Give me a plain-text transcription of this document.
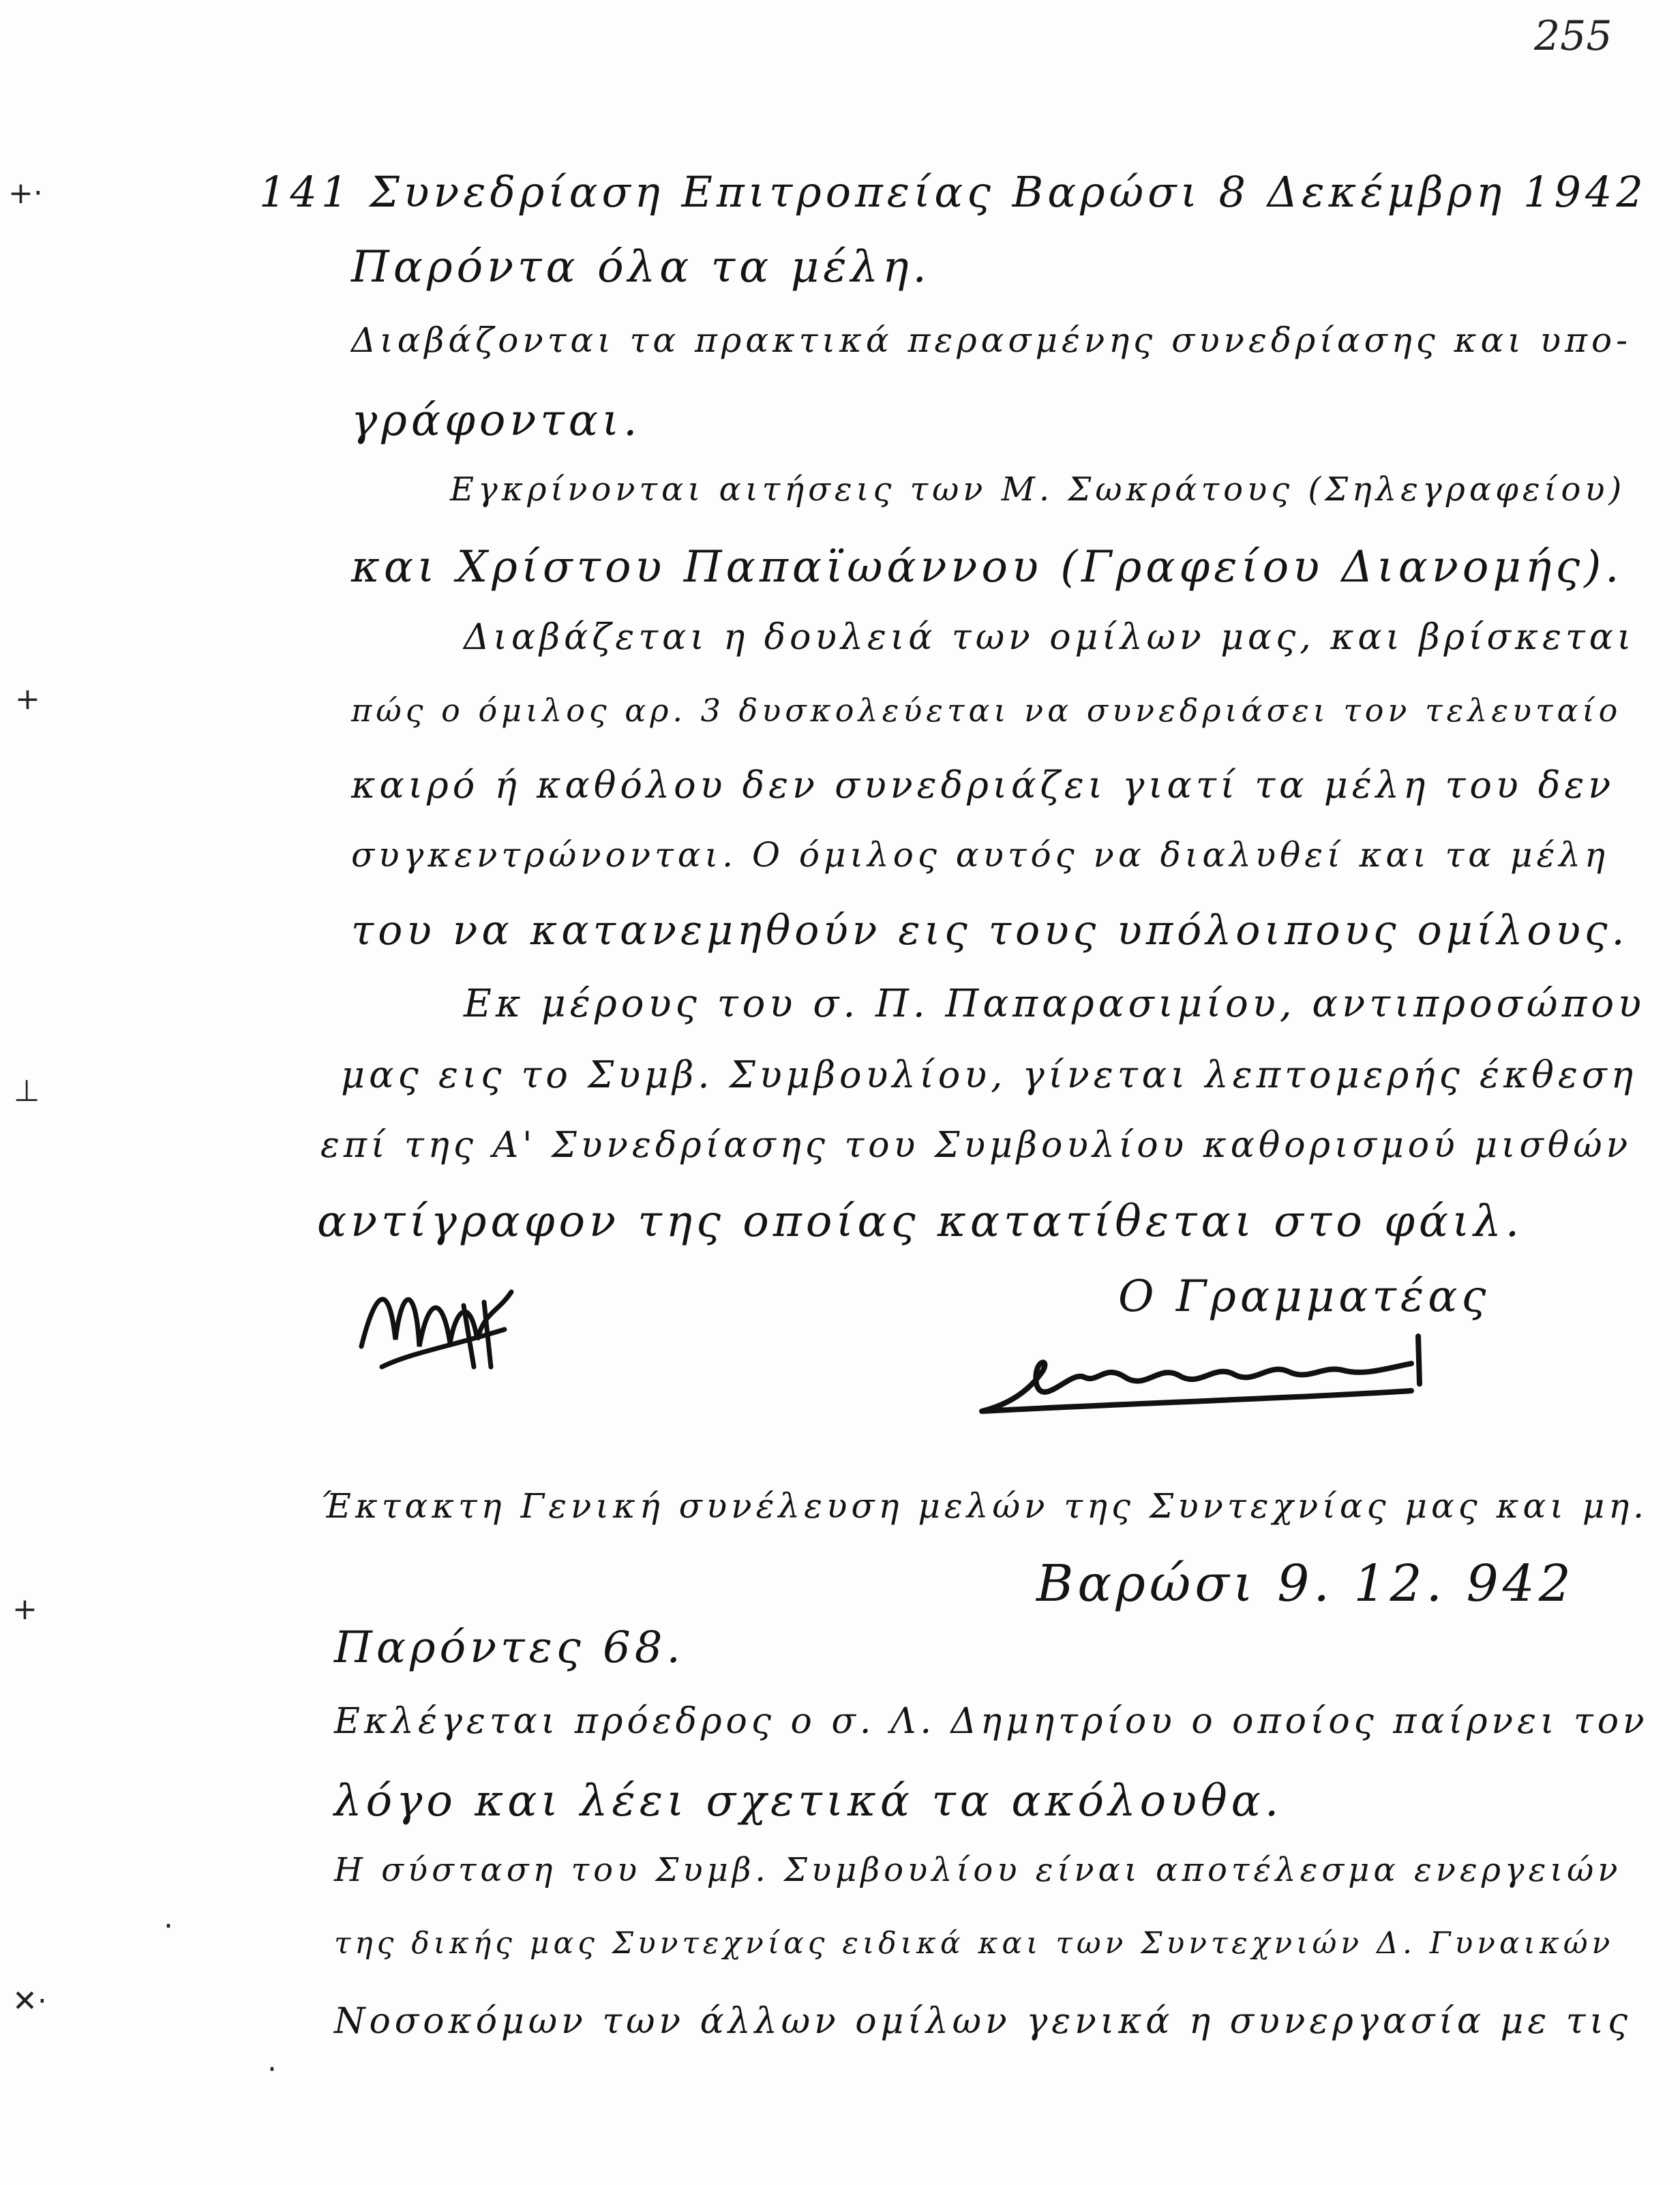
255
+·
+
⊥
+
✕·
·
·
141 Συνεδρίαση Επιτροπείας Βαρώσι 8 Δεκέμβρη 1942
Παρόντα όλα τα μέλη.
Διαβάζονται τα πρακτικά περασμένης συνεδρίασης και υπο-
γράφονται.
Εγκρίνονται αιτήσεις των Μ. Σωκράτους (Σηλεγραφείου)
και Χρίστου Παπαϊωάννου (Γραφείου Διανομής).
Διαβάζεται η δουλειά των ομίλων μας, και βρίσκεται
πώς ο όμιλος αρ. 3 δυσκολεύεται να συνεδριάσει τον τελευταίο
καιρό ή καθόλου δεν συνεδριάζει γιατί τα μέλη του δεν
συγκεντρώνονται. Ο όμιλος αυτός να διαλυθεί και τα μέλη
του να κατανεμηθούν εις τους υπόλοιπους ομίλους.
Εκ μέρους του σ. Π. Παπαρασιμίου, αντιπροσώπου
μας εις το Συμβ. Συμβουλίου, γίνεται λεπτομερής έκθεση
επί της Α' Συνεδρίασης του Συμβουλίου καθορισμού μισθών
αντίγραφον της οποίας κατατίθεται στο φάιλ.
Ο Γραμματέας
Έκτακτη Γενική συνέλευση μελών της Συντεχνίας μας και μη.
Βαρώσι 9. 12. 942
Παρόντες 68.
Εκλέγεται πρόεδρος ο σ. Λ. Δημητρίου ο οποίος παίρνει τον
λόγο και λέει σχετικά τα ακόλουθα.
Η σύσταση του Συμβ. Συμβουλίου είναι αποτέλεσμα ενεργειών
της δικής μας Συντεχνίας ειδικά και των Συντεχνιών Δ. Γυναικών
Νοσοκόμων των άλλων ομίλων γενικά η συνεργασία με τις
